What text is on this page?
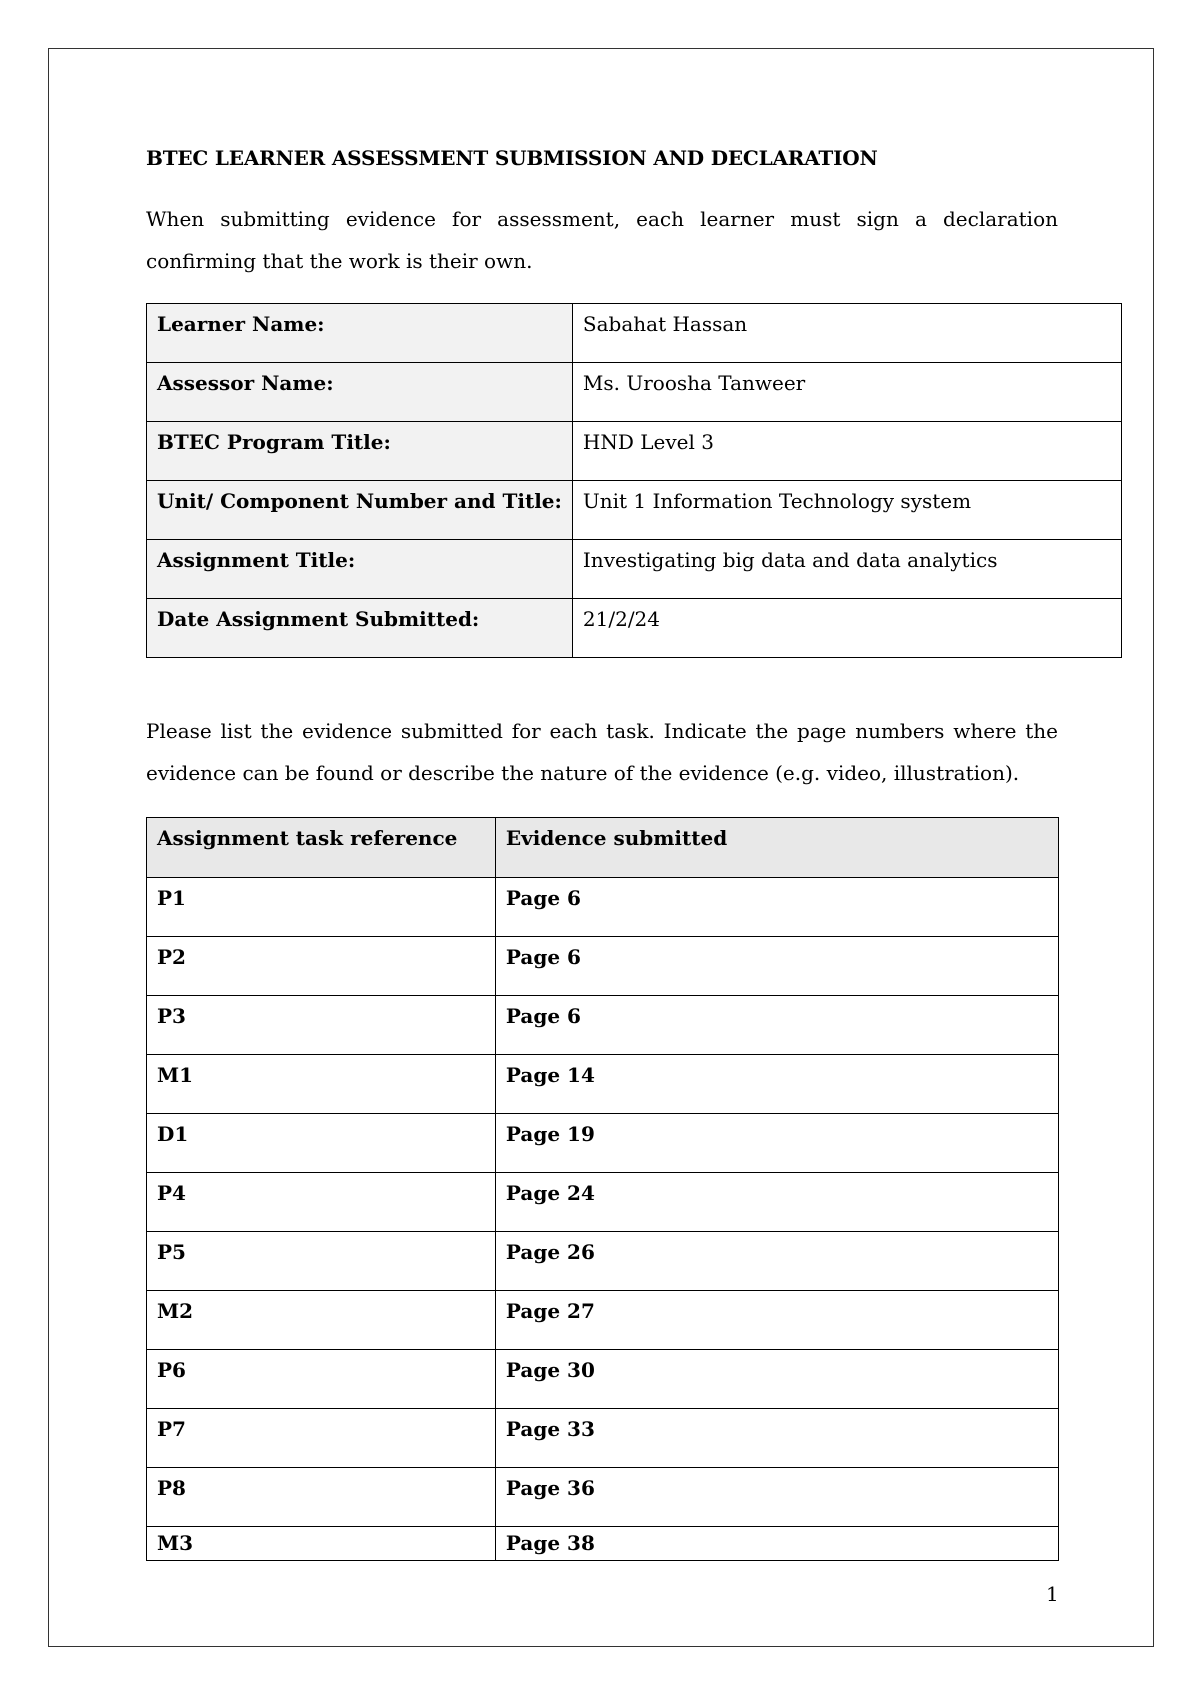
BTEC LEARNER ASSESSMENT SUBMISSION AND DECLARATION
When submitting evidence for assessment, each learner must sign a declaration confirming that the work is their own.
Learner Name:	Sabahat Hassan
Assessor Name:	Ms. Uroosha Tanweer
BTEC Program Title:	HND Level 3
Unit/ Component Number and Title:	Unit 1 Information Technology system
Assignment Title:	Investigating big data and data analytics
Date Assignment Submitted:	21/2/24
Please list the evidence submitted for each task. Indicate the page numbers where the evidence can be found or describe the nature of the evidence (e.g. video, illustration).
Assignment task reference	Evidence submitted
P1	Page 6
P2	Page 6
P3	Page 6
M1	Page 14
D1	Page 19
P4	Page 24
P5	Page 26
M2	Page 27
P6	Page 30
P7	Page 33
P8	Page 36
M3	Page 38
1
